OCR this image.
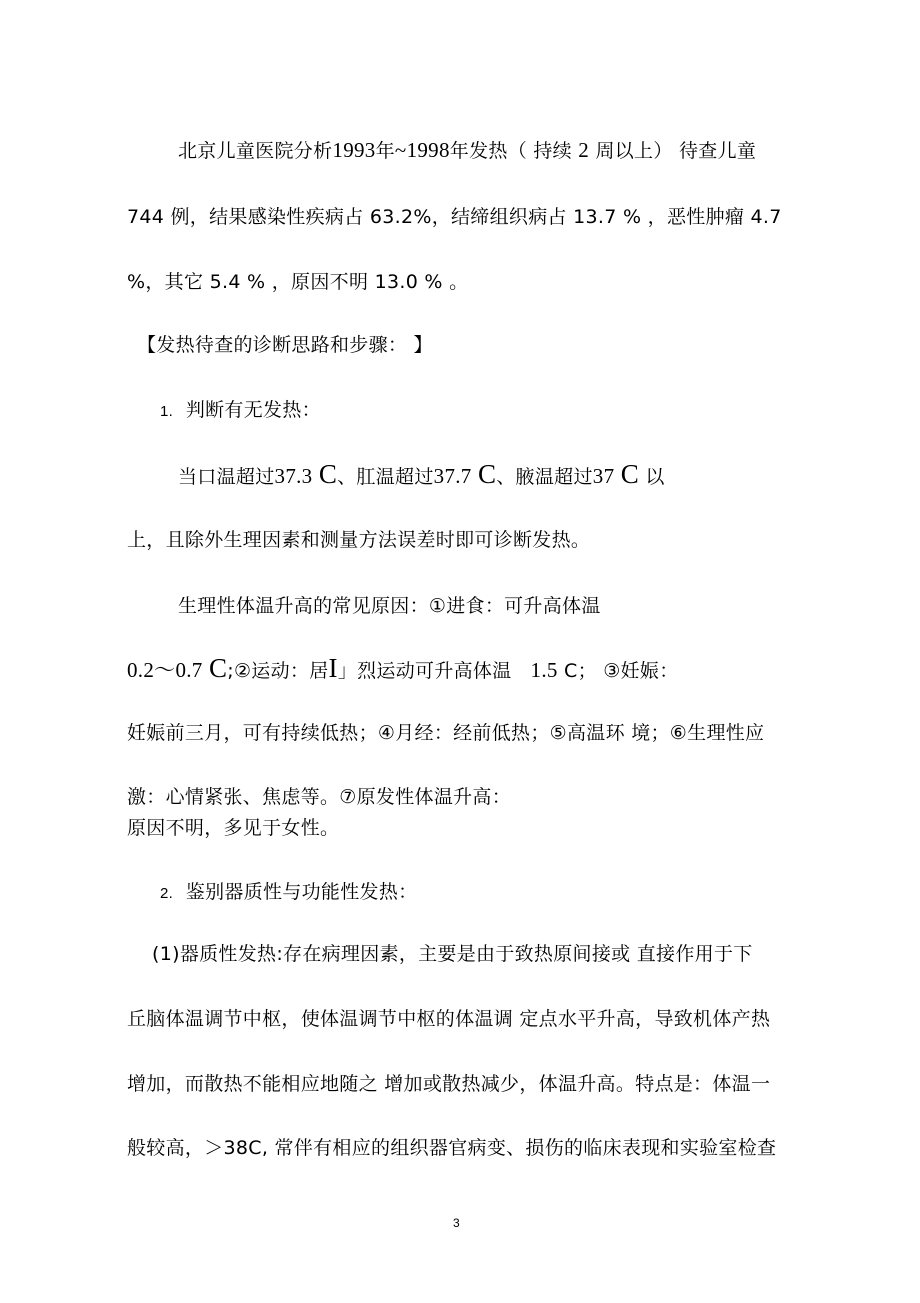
北京儿童医院分析1993年~1998年发热（ 持续 2 周以上） 待查儿童
744 例，结果感染性疾病占 63.2%，结缔组织病占 13.7 % ，恶性肿瘤 4.7
%，其它 5.4 % ，原因不明 13.0 % 。
【发热待查的诊断思路和步骤： 】
1. 判断有无发热：
当口温超过37.3 C、肛温超过37.7 C、腋温超过37 C 以
上，且除外生理因素和测量方法误差时即可诊断发热。
生理性体温升高的常见原因：①进食：可升高体温
0.2～0.7 C;②运动：居I」烈运动可升高体温 1.5 C； ③妊娠：
妊娠前三月，可有持续低热；④月经：经前低热；⑤高温环 境；⑥生理性应
激：心情紧张、焦虑等。⑦原发性体温升高：
原因不明，多见于女性。
2. 鉴别器质性与功能性发热：
(1)器质性发热:存在病理因素，主要是由于致热原间接或 直接作用于下
丘脑体温调节中枢，使体温调节中枢的体温调 定点水平升高，导致机体产热
增加，而散热不能相应地随之 增加或散热减少，体温升高。特点是：体温一
般较高，＞38C, 常伴有相应的组织器官病变、损伤的临床表现和实验室检查
3
